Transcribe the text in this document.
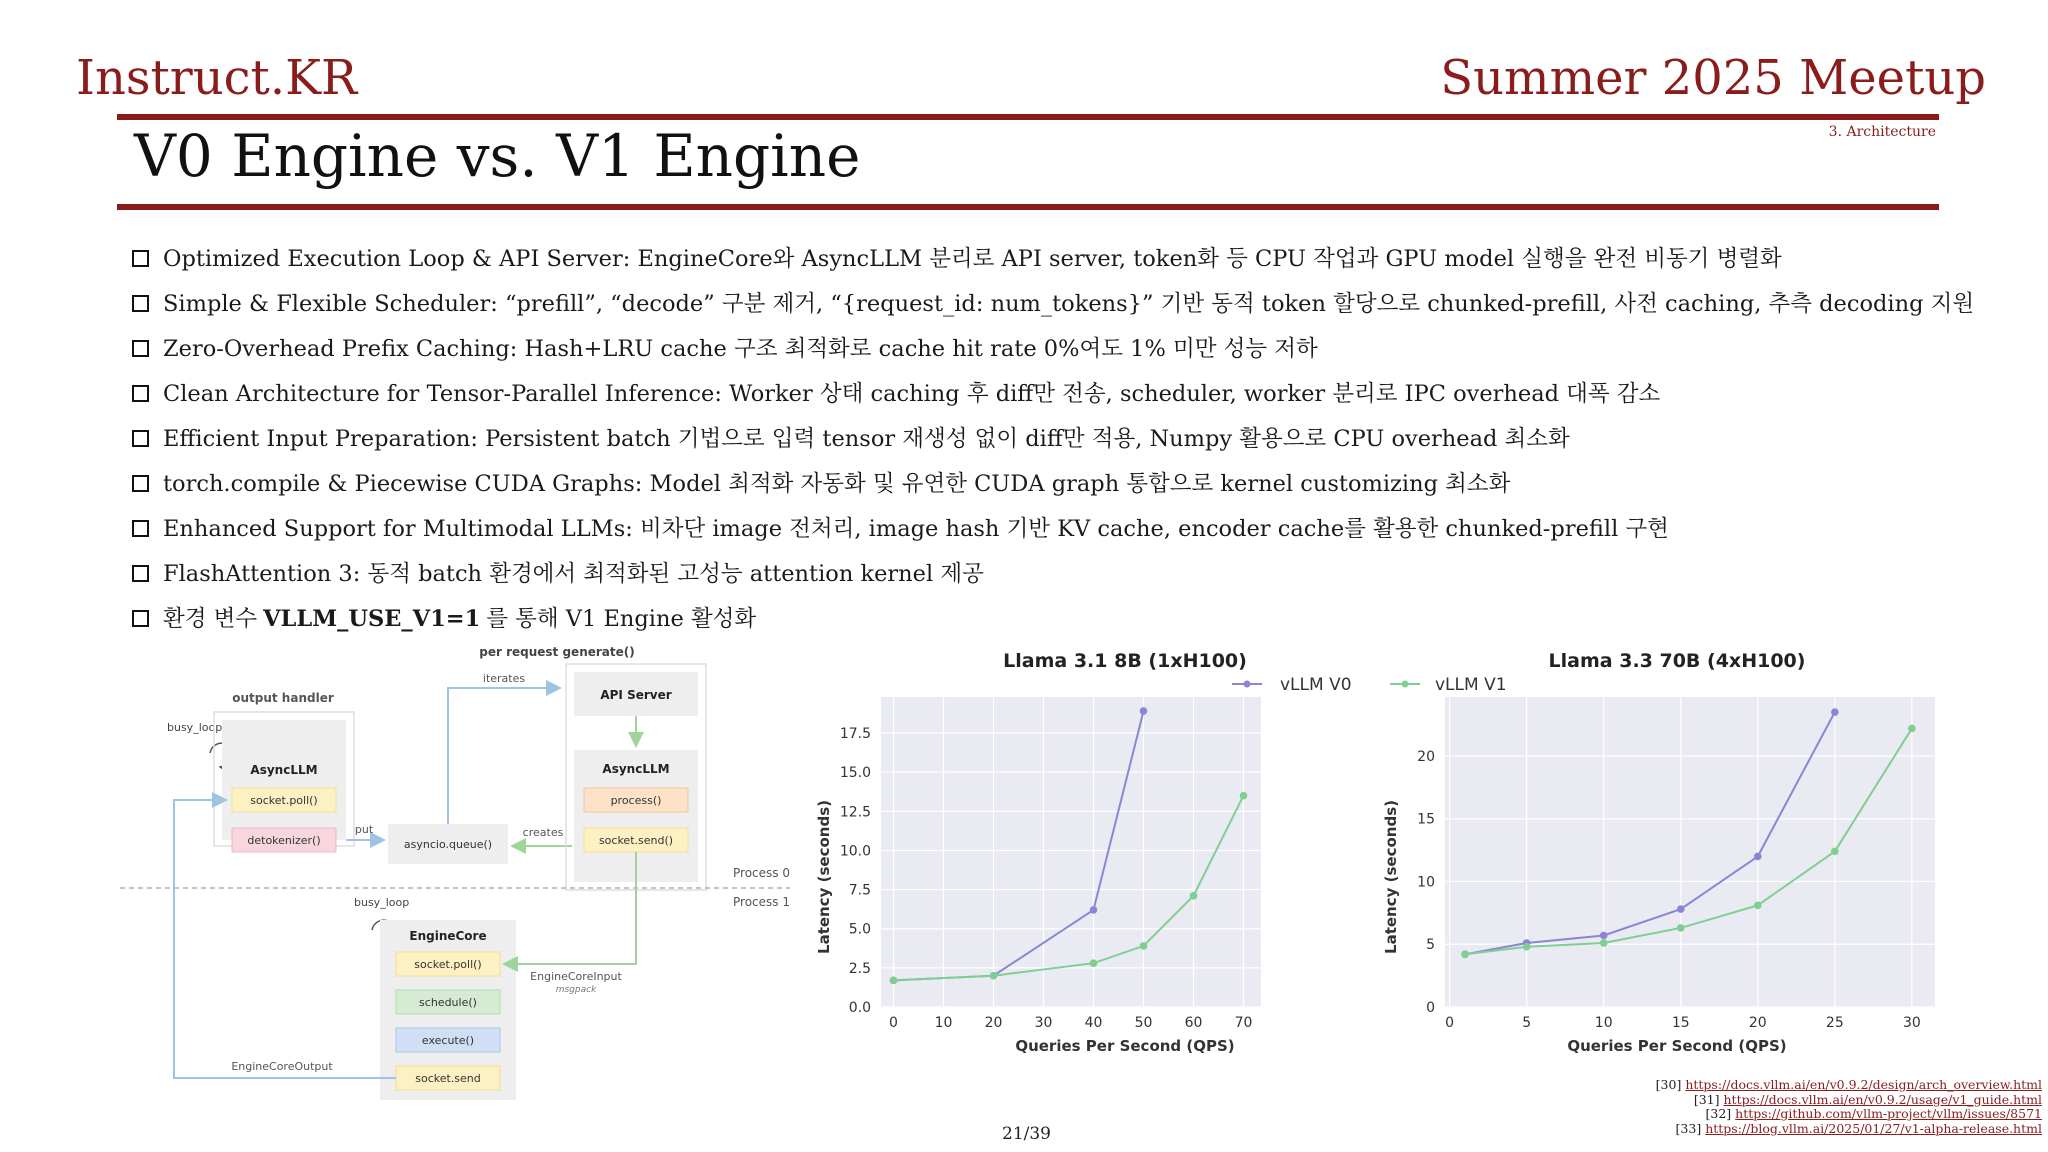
Instruct.KR	Summer 2025 Meetup
3. Architecture
V0 Engine vs. V1 Engine
Optimized Execution Loop & API Server: EngineCore와 AsyncLLM 분리로 API server, token화 등 CPU 작업과 GPU model 실행을 완전 비동기 병렬화
Simple & Flexible Scheduler: “prefill”, “decode” 구분 제거, “{request_id: num_tokens}” 기반 동적 token 할당으로 chunked-prefill, 사전 caching, 추측 decoding 지원
Zero-Overhead Prefix Caching: Hash+LRU cache 구조 최적화로 cache hit rate 0%여도 1% 미만 성능 저하
Clean Architecture for Tensor-Parallel Inference: Worker 상태 caching 후 diff만 전송, scheduler, worker 분리로 IPC overhead 대폭 감소
Efficient Input Preparation: Persistent batch 기법으로 입력 tensor 재생성 없이 diff만 적용, Numpy 활용으로 CPU overhead 최소화
torch.compile & Piecewise CUDA Graphs: Model 최적화 자동화 및 유연한 CUDA graph 통합으로 kernel customizing 최소화
Enhanced Support for Multimodal LLMs: 비차단 image 전처리, image hash 기반 KV cache, encoder cache를 활용한 chunked-prefill 구현
FlashAttention 3: 동적 batch 환경에서 최적화된 고성능 attention kernel 제공
환경 변수 VLLM_USE_V1=1 를 통해 V1 Engine 활성화
per request generate()
output handler
busy_loop
AsyncLLM
socket.poll()
detokenizer()
put
asyncio.queue()
iterates
creates
API Server
AsyncLLM
process()
socket.send()
Process 0
Process 1
busy_loop
EngineCore
socket.poll()
schedule()
execute()
socket.send
EngineCoreInput
msgpack
EngineCoreOutput
Llama 3.1 8B (1xH100)
vLLM V0
0.0
2.5
5.0
7.5
10.0
12.5
15.0
17.5
0	10 20 30 40 50 60 70
Queries Per Second (QPS)
Latency (seconds)
vLLM V1
Llama 3.3 70B (4xH100)
0
5
10
15
20
0	5	10	15	20	25	30
Queries Per Second (QPS)
Latency (seconds)
[30] https://docs.vllm.ai/en/v0.9.2/design/arch_overview.html
[31] https://docs.vllm.ai/en/v0.9.2/usage/v1_guide.html
[32] https://github.com/vllm-project/vllm/issues/8571
[33] https://blog.vllm.ai/2025/01/27/v1-alpha-release.html
21/39
